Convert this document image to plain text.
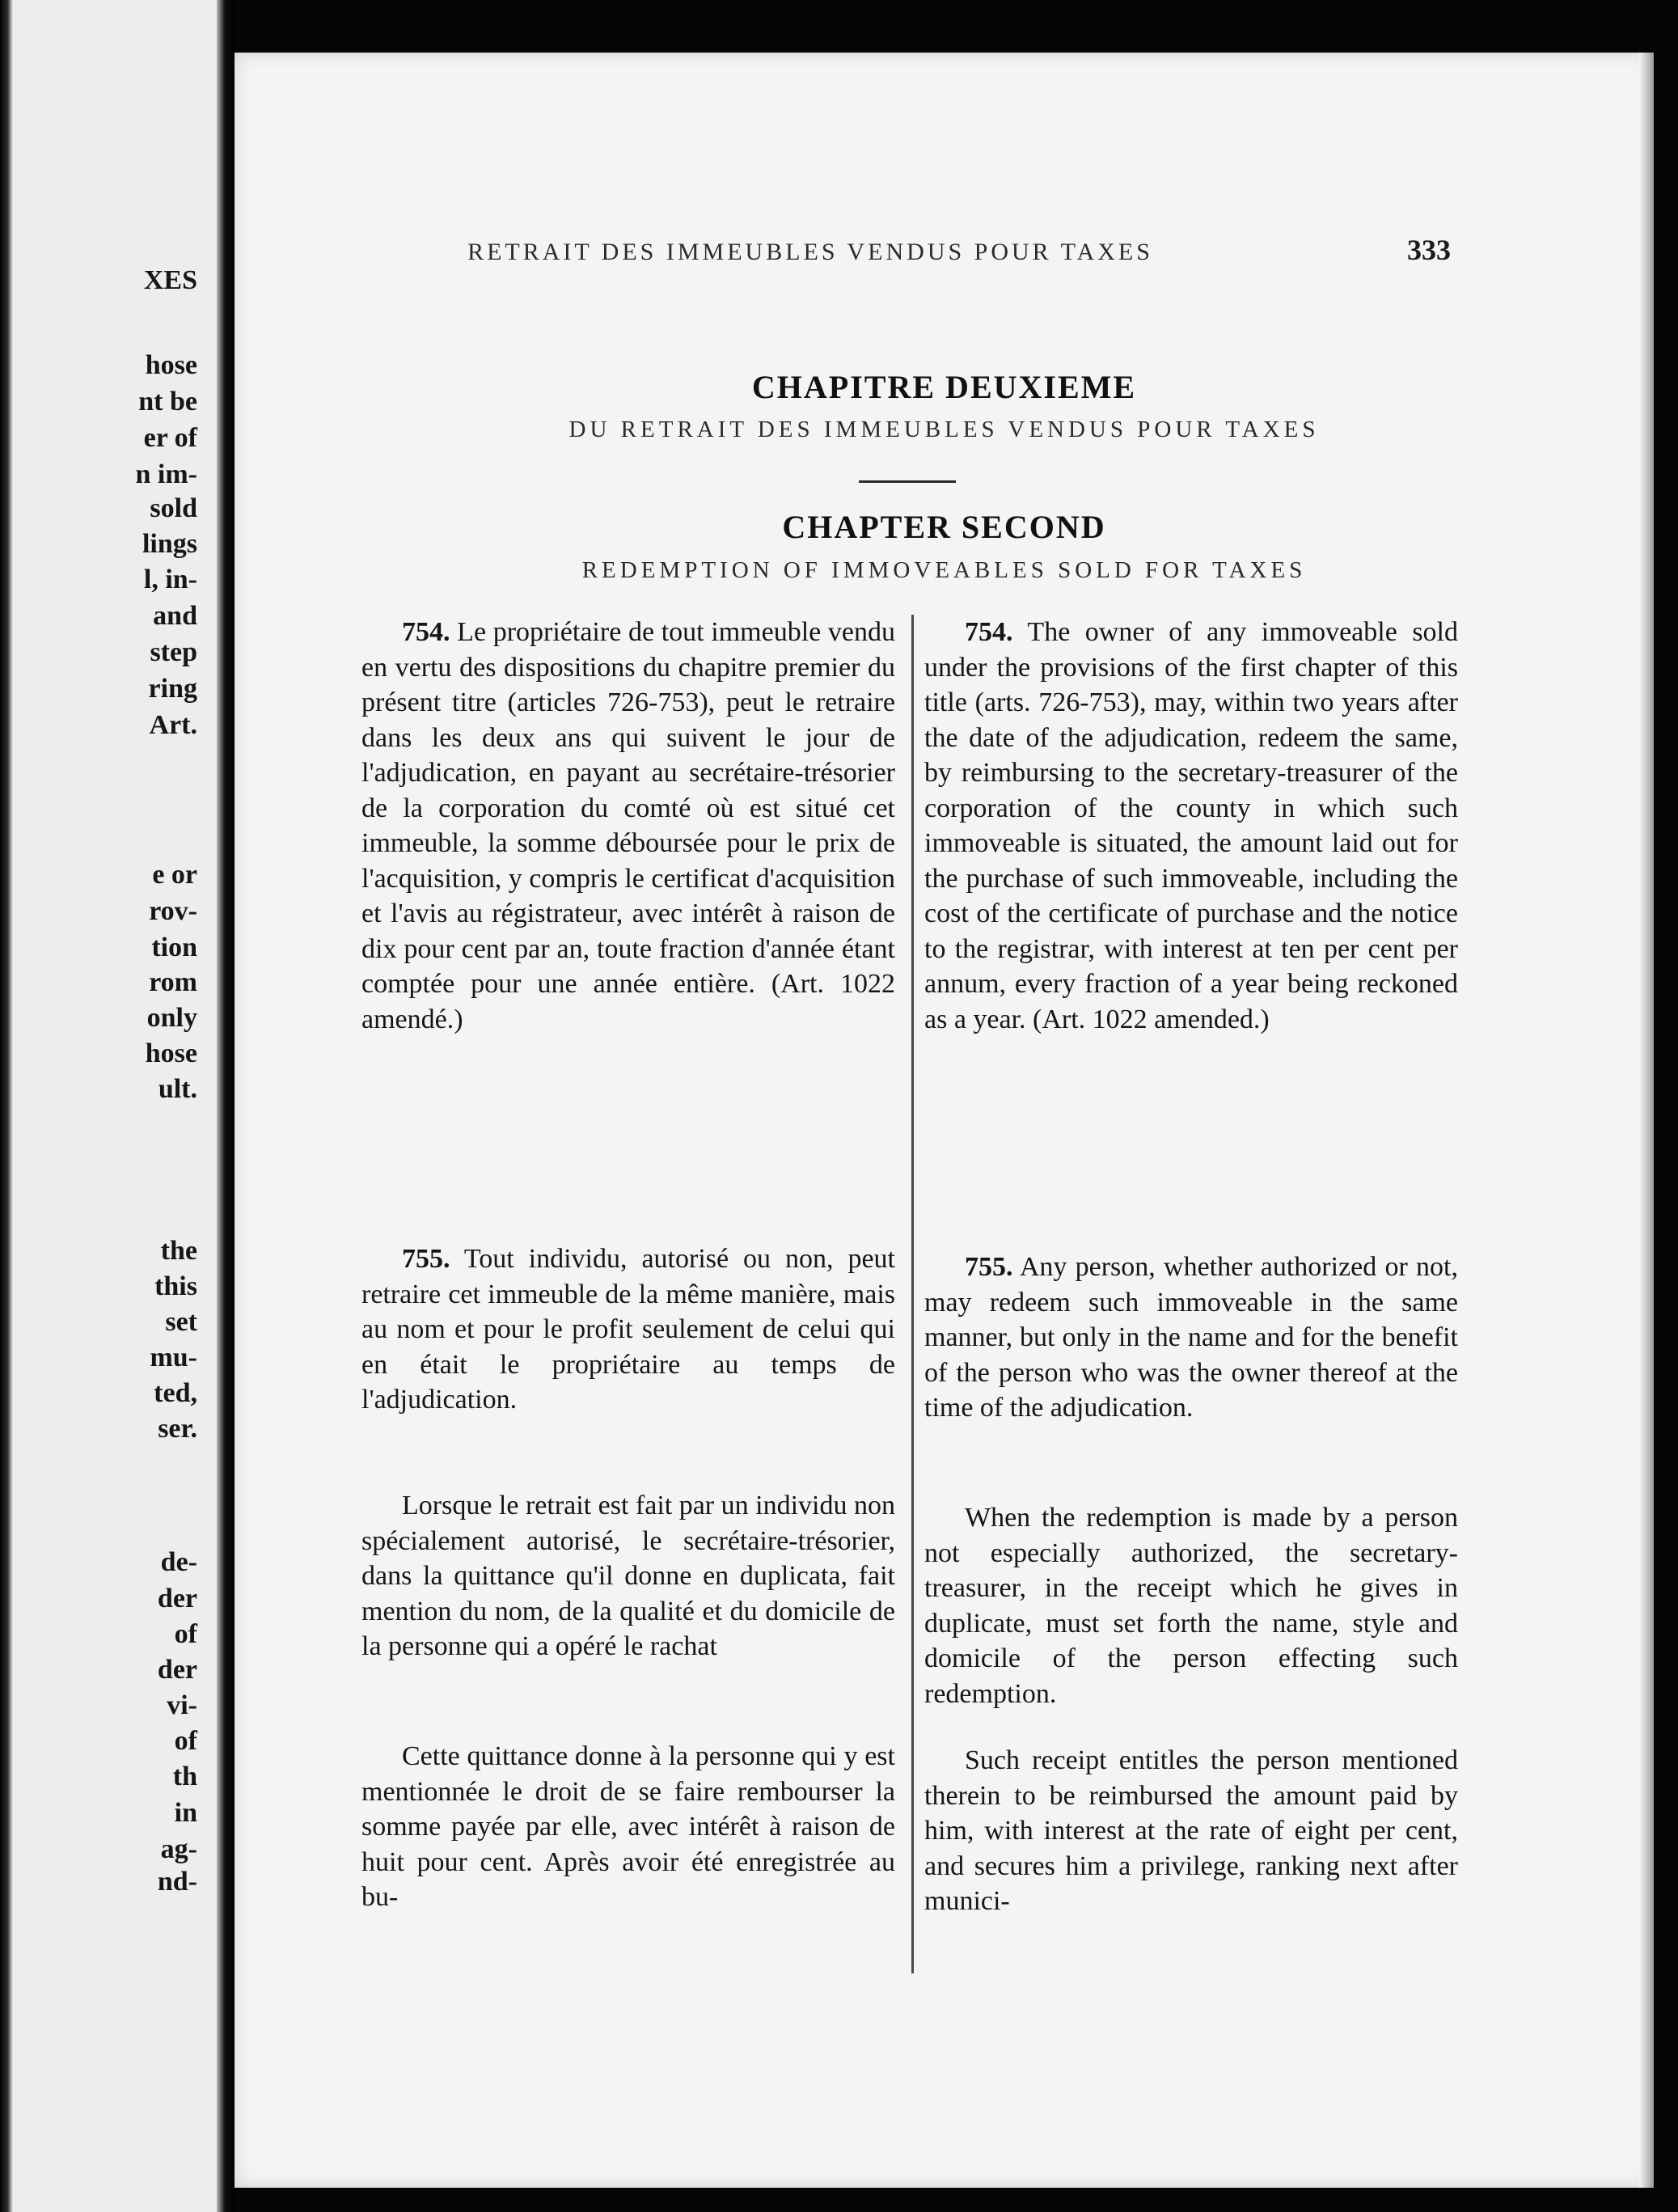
XES
hose
nt be
er of
n im-
sold
lings
l, in-
and
step
ring
Art.
e or
rov-
tion
rom
only
hose
ult.
the
this
set
mu-
ted,
ser.
de-
der
of
der
vi-
of
th
in
ag-
nd-
RETRAIT DES IMMEUBLES VENDUS POUR TAXES	333
CHAPITRE DEUXIEME
DU RETRAIT DES IMMEUBLES VENDUS POUR TAXES
CHAPTER SECOND
REDEMPTION OF IMMOVEABLES SOLD FOR TAXES

754. Le propriétaire de tout immeuble vendu en vertu des dispositions du chapitre premier du présent titre (articles 726-753), peut le retraire dans les deux ans qui suivent le jour de l'adjudication, en payant au secrétaire-trésorier de la corporation du comté où est situé cet immeuble, la somme déboursée pour le prix de l'acquisition, y compris le certificat d'acquisition et l'avis au régistrateur, avec intérêt à raison de dix pour cent par an, toute fraction d'année étant comptée pour une année entière. (Art. 1022 amendé.)

755. Tout individu, autorisé ou non, peut retraire cet immeuble de la même manière, mais au nom et pour le profit seulement de celui qui en était le propriétaire au temps de l'adjudication.

Lorsque le retrait est fait par un individu non spécialement autorisé, le secrétaire-trésorier, dans la quittance qu'il donne en duplicata, fait mention du nom, de la qualité et du domicile de la personne qui a opéré le rachat

Cette quittance donne à la personne qui y est mentionnée le droit de se faire rembourser la somme payée par elle, avec intérêt à raison de huit pour cent. Après avoir été enregistrée au bu-

754. The owner of any immoveable sold under the provisions of the first chapter of this title (arts. 726-753), may, within two years after the date of the adjudication, redeem the same, by reimbursing to the secretary-treasurer of the corporation of the county in which such immoveable is situated, the amount laid out for the purchase of such immoveable, including the cost of the certificate of purchase and the notice to the registrar, with interest at ten per cent per annum, every fraction of a year being reckoned as a year. (Art. 1022 amended.)

755. Any person, whether authorized or not, may redeem such immoveable in the same manner, but only in the name and for the benefit of the person who was the owner thereof at the time of the adjudication.

When the redemption is made by a person not especially authorized, the secretary-treasurer, in the receipt which he gives in duplicate, must set forth the name, style and domicile of the person effecting such redemption.

Such receipt entitles the person mentioned therein to be reimbursed the amount paid by him, with interest at the rate of eight per cent, and secures him a privilege, ranking next after munici-
